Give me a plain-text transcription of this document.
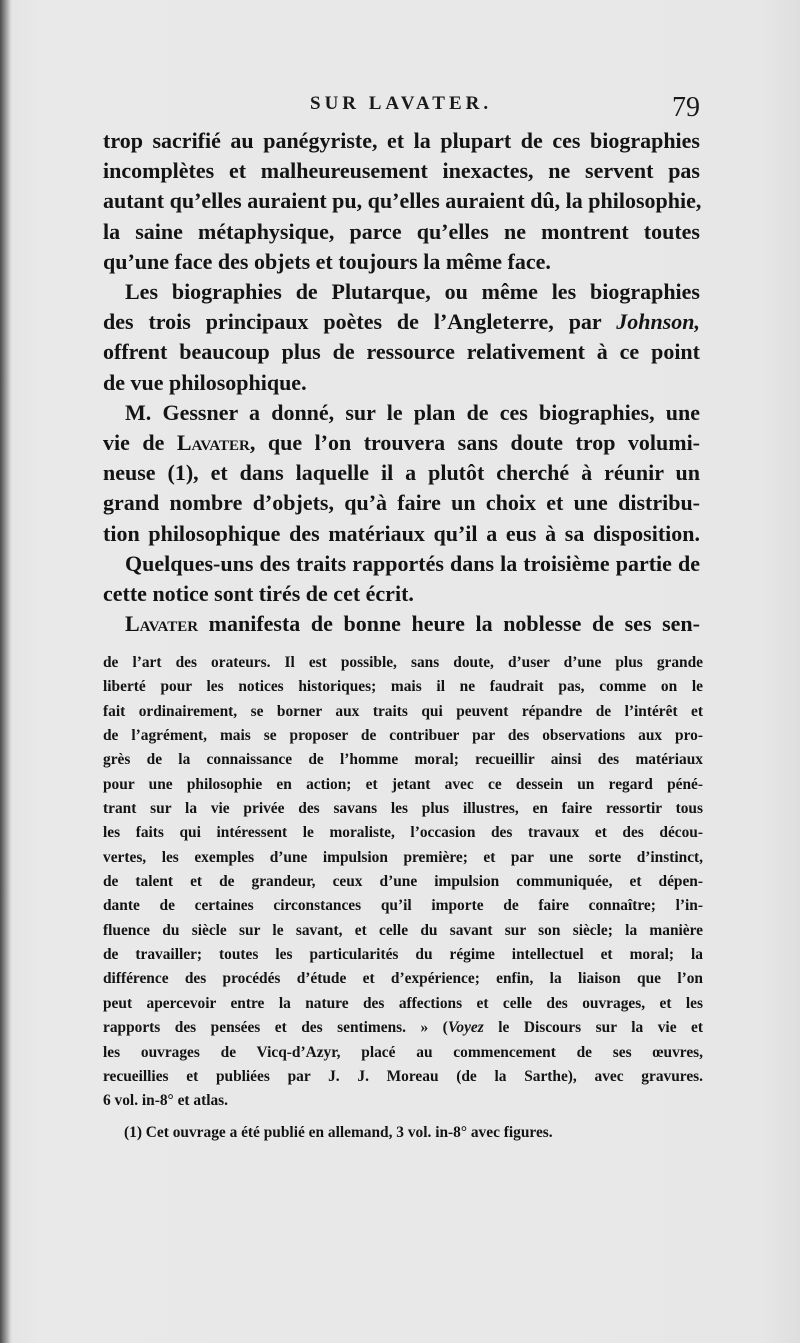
SUR LAVATER.	79
trop sacrifié au panégyriste, et la plupart de ces biographies
incomplètes et malheureusement inexactes, ne servent pas
autant qu’elles auraient pu, qu’elles auraient dû, la philosophie,
la saine métaphysique, parce qu’elles ne montrent toutes
qu’une face des objets et toujours la même face.
Les biographies de Plutarque, ou même les biographies
des trois principaux poètes de l’Angleterre, par Johnson,
offrent beaucoup plus de ressource relativement à ce point
de vue philosophique.
M. Gessner a donné, sur le plan de ces biographies, une
vie de Lavater, que l’on trouvera sans doute trop volumi-
neuse (1), et dans laquelle il a plutôt cherché à réunir un
grand nombre d’objets, qu’à faire un choix et une distribu-
tion philosophique des matériaux qu’il a eus à sa disposition.
Quelques-uns des traits rapportés dans la troisième partie de
cette notice sont tirés de cet écrit.
Lavater manifesta de bonne heure la noblesse de ses sen-
de l’art des orateurs. Il est possible, sans doute, d’user d’une plus grande
liberté pour les notices historiques; mais il ne faudrait pas, comme on le
fait ordinairement, se borner aux traits qui peuvent répandre de l’intérêt et
de l’agrément, mais se proposer de contribuer par des observations aux pro-
grès de la connaissance de l’homme moral; recueillir ainsi des matériaux
pour une philosophie en action; et jetant avec ce dessein un regard péné-
trant sur la vie privée des savans les plus illustres, en faire ressortir tous
les faits qui intéressent le moraliste, l’occasion des travaux et des décou-
vertes, les exemples d’une impulsion première; et par une sorte d’instinct,
de talent et de grandeur, ceux d’une impulsion communiquée, et dépen-
dante de certaines circonstances qu’il importe de faire connaître; l’in-
fluence du siècle sur le savant, et celle du savant sur son siècle; la manière
de travailler; toutes les particularités du régime intellectuel et moral; la
différence des procédés d’étude et d’expérience; enfin, la liaison que l’on
peut apercevoir entre la nature des affections et celle des ouvrages, et les
rapports des pensées et des sentimens. » (Voyez le Discours sur la vie et
les ouvrages de Vicq-d’Azyr, placé au commencement de ses œuvres,
recueillies et publiées par J. J. Moreau (de la Sarthe), avec gravures.
6 vol. in-8° et atlas.
(1) Cet ouvrage a été publié en allemand, 3 vol. in-8° avec figures.
